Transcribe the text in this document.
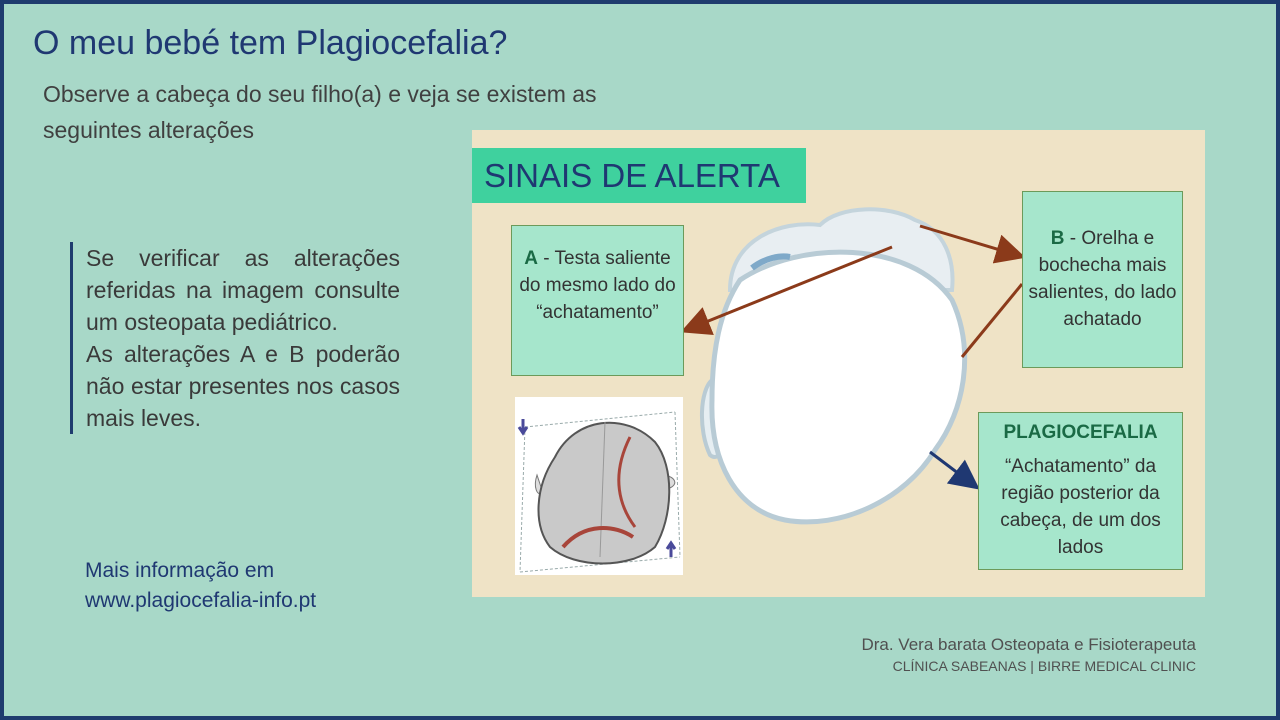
O meu bebé tem Plagiocefalia?
Observe a cabeça do seu filho(a) e veja se existem as seguintes alterações

Se verificar as alterações referidas na imagem consulte um osteopata pediátrico.

As alterações A e B poderão não estar presentes nos casos mais leves.

Mais informação em
www.plagiocefalia-info.pt
SINAIS DE ALERTA
A - Testa saliente do mesmo lado do “achatamento”
B - Orelha e bochecha mais salientes, do lado achatado
PLAGIOCEFALIA
“Achatamento” da região posterior da cabeça, de um dos lados
Dra. Vera barata Osteopata e Fisioterapeuta
CLÍNICA SABEANAS | BIRRE MEDICAL CLINIC
